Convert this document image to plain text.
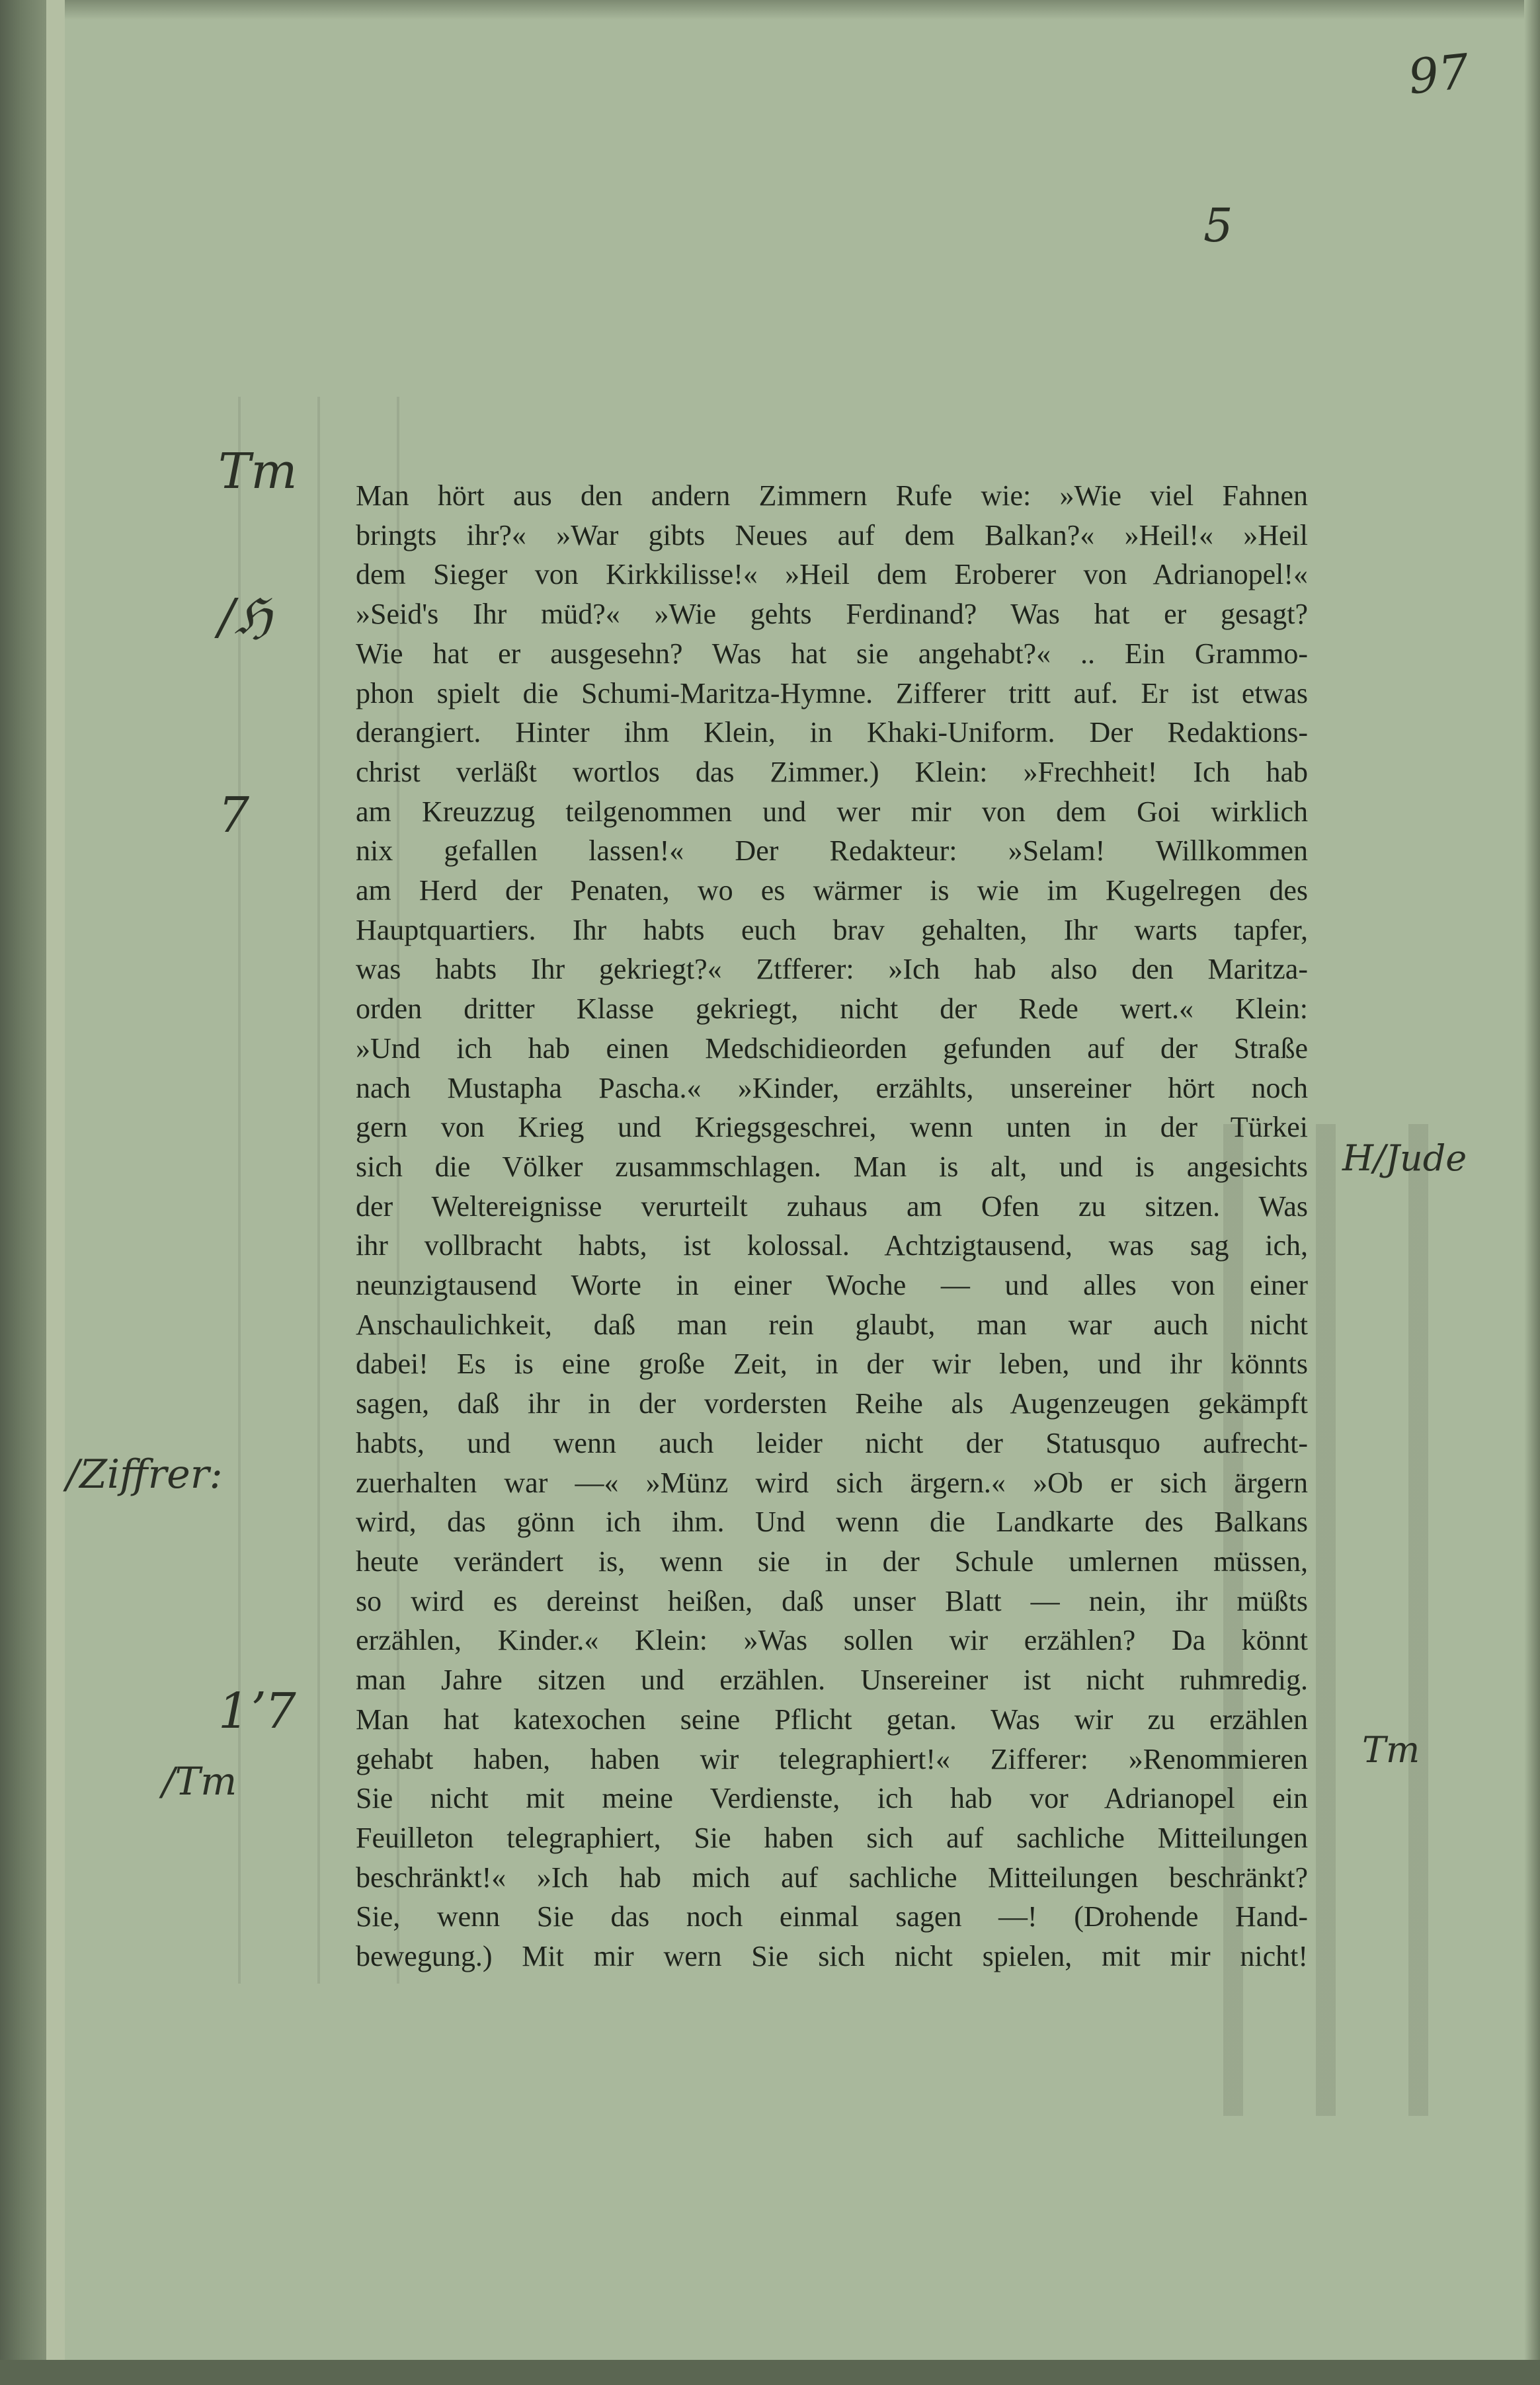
97
5
Tm
/ℌ
7
H/Jude
/Ziffrer:
1ʼ7
/Tm
Tm
Man hört aus den andern Zimmern Rufe wie: »Wie viel Fahnen
bringts ihr?« »War gibts Neues auf dem Balkan?« »Heil!« »Heil
dem Sieger von Kirkkilisse!« »Heil dem Eroberer von Adrianopel!«
»Seid's Ihr müd?« »Wie gehts Ferdinand? Was hat er gesagt?
Wie hat er ausgesehn? Was hat sie angehabt?« .. Ein Grammo-
phon spielt die Schumi-Maritza-Hymne. Zifferer tritt auf. Er ist etwas
derangiert. Hinter ihm Klein, in Khaki-Uniform. Der Redaktions-
christ verläßt wortlos das Zimmer.) Klein: »Frechheit! Ich hab
am Kreuzzug teilgenommen und wer mir von dem Goi wirklich
nix gefallen lassen!« Der Redakteur: »Selam! Willkommen
am Herd der Penaten, wo es wärmer is wie im Kugelregen des
Hauptquartiers. Ihr habts euch brav gehalten, Ihr warts tapfer,
was habts Ihr gekriegt?« Ztfferer: »Ich hab also den Maritza-
orden dritter Klasse gekriegt, nicht der Rede wert.« Klein:
»Und ich hab einen Medschidieorden gefunden auf der Straße
nach Mustapha Pascha.« »Kinder, erzählts, unsereiner hört noch
gern von Krieg und Kriegsgeschrei, wenn unten in der Türkei
sich die Völker zusammschlagen. Man is alt, und is angesichts
der Weltereignisse verurteilt zuhaus am Ofen zu sitzen. Was
ihr vollbracht habts, ist kolossal. Achtzigtausend, was sag ich,
neunzigtausend Worte in einer Woche — und alles von einer
Anschaulichkeit, daß man rein glaubt, man war auch nicht
dabei! Es is eine große Zeit, in der wir leben, und ihr könnts
sagen, daß ihr in der vordersten Reihe als Augenzeugen gekämpft
habts, und wenn auch leider nicht der Statusquo aufrecht-
zuerhalten war —« »Münz wird sich ärgern.« »Ob er sich ärgern
wird, das gönn ich ihm. Und wenn die Landkarte des Balkans
heute verändert is, wenn sie in der Schule umlernen müssen,
so wird es dereinst heißen, daß unser Blatt — nein, ihr müßts
erzählen, Kinder.« Klein: »Was sollen wir erzählen? Da könnt
man Jahre sitzen und erzählen. Unsereiner ist nicht ruhmredig.
Man hat katexochen seine Pflicht getan. Was wir zu erzählen
gehabt haben, haben wir telegraphiert!« Zifferer: »Renommieren
Sie nicht mit meine Verdienste, ich hab vor Adrianopel ein
Feuilleton telegraphiert, Sie haben sich auf sachliche Mitteilungen
beschränkt!« »Ich hab mich auf sachliche Mitteilungen beschränkt?
Sie, wenn Sie das noch einmal sagen —! (Drohende Hand-
bewegung.) Mit mir wern Sie sich nicht spielen, mit mir nicht!
